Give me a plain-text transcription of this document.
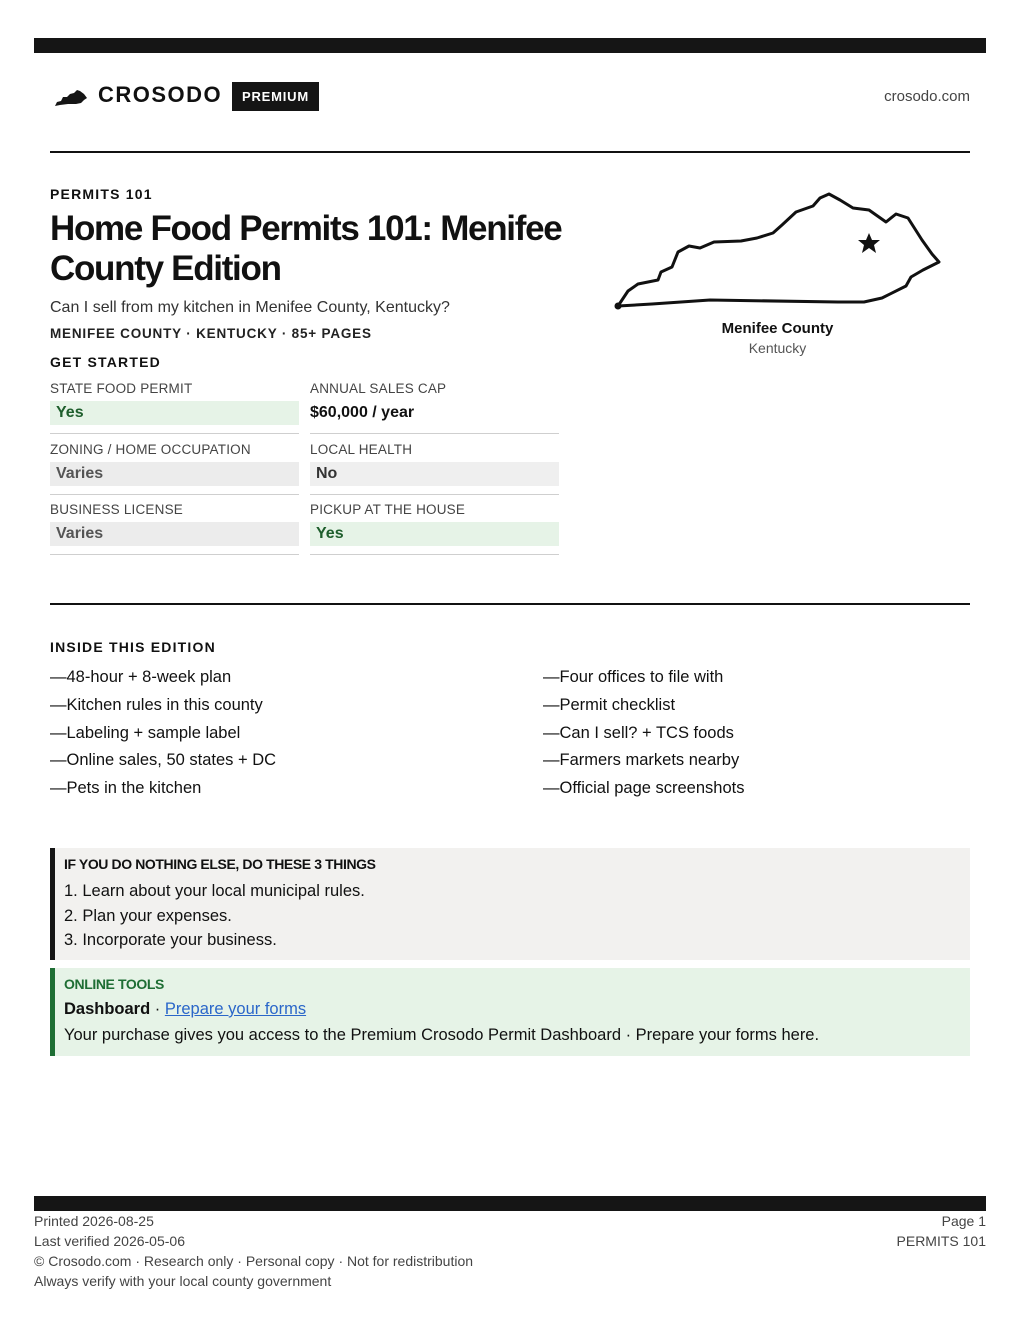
CROSODO	PREMIUM	crosodo.com
PERMITS 101
Home Food Permits 101: Menifee County Edition
Can I sell from my kitchen in Menifee County, Kentucky?
MENIFEE COUNTY · KENTUCKY · 85+ PAGES
GET STARTED
Menifee County
Kentucky
STATE FOOD PERMIT
Yes
ANNUAL SALES CAP
$60,000 / year
ZONING / HOME OCCUPATION
Varies
LOCAL HEALTH
No
BUSINESS LICENSE
Varies
PICKUP AT THE HOUSE
Yes
INSIDE THIS EDITION
—48-hour + 8-week plan
—Kitchen rules in this county
—Labeling + sample label
—Online sales, 50 states + DC
—Pets in the kitchen
—Four offices to file with
—Permit checklist
—Can I sell? + TCS foods
—Farmers markets nearby
—Official page screenshots
IF YOU DO NOTHING ELSE, DO THESE 3 THINGS
1. Learn about your local municipal rules.
2. Plan your expenses.
3. Incorporate your business.
ONLINE TOOLS
Dashboard · Prepare your forms
Your purchase gives you access to the Premium Crosodo Permit Dashboard · Prepare your forms here.
Printed 2026-08-25
Last verified 2026-05-06
© Crosodo.com · Research only · Personal copy · Not for redistribution
Always verify with your local county government
Page 1
PERMITS 101
